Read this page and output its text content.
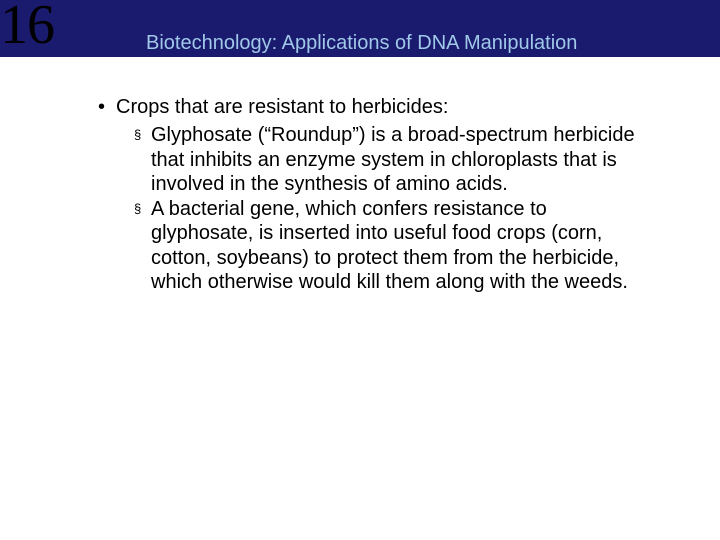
16	Biotechnology: Applications of DNA Manipulation
• Crops that are resistant to herbicides:
§ Glyphosate (“Roundup”) is a broad-spectrum herbicide that inhibits an enzyme system in chloroplasts that is involved in the synthesis of amino acids.
§ A bacterial gene, which confers resistance to glyphosate, is inserted into useful food crops (corn, cotton, soybeans) to protect them from the herbicide, which otherwise would kill them along with the weeds.
